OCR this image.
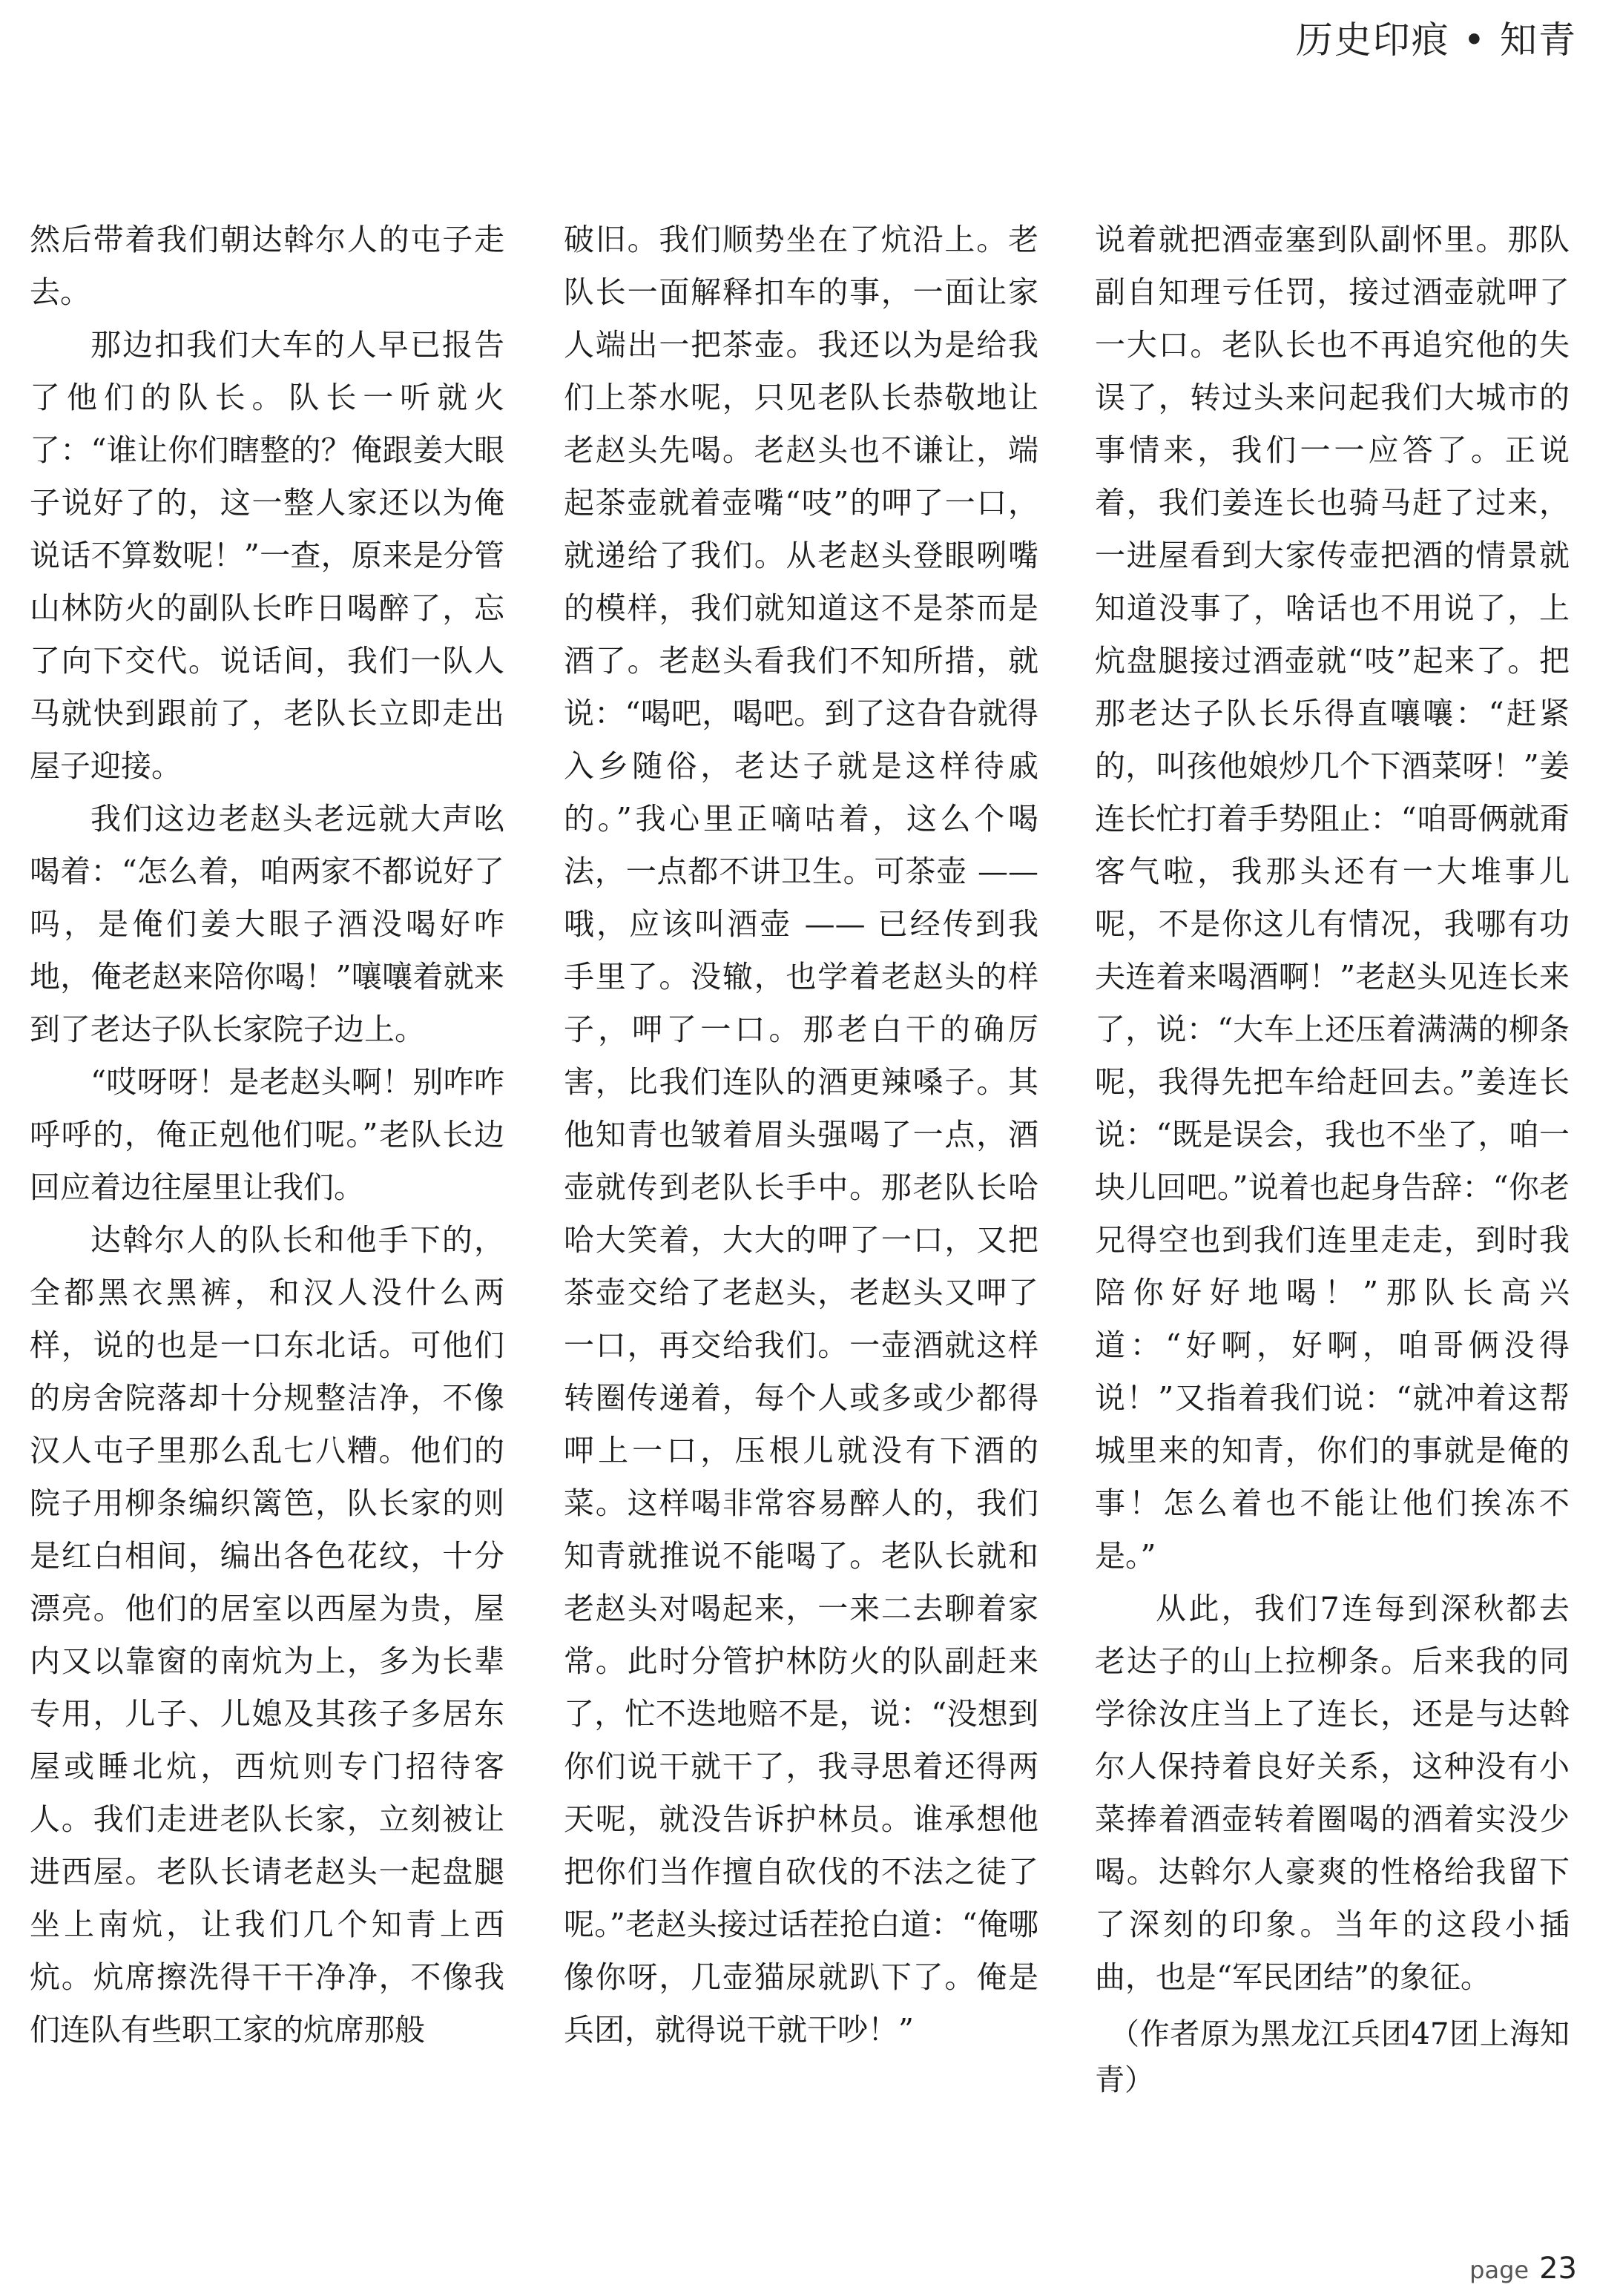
历史印痕 • 知青

然后带着我们朝达斡尔人的屯子走去。

那边扣我们大车的人早已报告了他们的队长。队长一听就火了：“谁让你们瞎整的？俺跟姜大眼子说好了的，这一整人家还以为俺说话不算数呢！”一查，原来是分管山林防火的副队长昨日喝醉了，忘了向下交代。说话间，我们一队人马就快到跟前了，老队长立即走出屋子迎接。

我们这边老赵头老远就大声吆喝着：“怎么着，咱两家不都说好了吗，是俺们姜大眼子酒没喝好咋地，俺老赵来陪你喝！”嚷嚷着就来到了老达子队长家院子边上。

“哎呀呀！是老赵头啊！别咋咋呼呼的，俺正剋他们呢。”老队长边回应着边往屋里让我们。

达斡尔人的队长和他手下的，全都黑衣黑裤，和汉人没什么两样，说的也是一口东北话。可他们的房舍院落却十分规整洁净，不像汉人屯子里那么乱七八糟。他们的院子用柳条编织篱笆，队长家的则是红白相间，编出各色花纹，十分漂亮。他们的居室以西屋为贵，屋内又以靠窗的南炕为上，多为长辈专用，儿子、儿媳及其孩子多居东屋或睡北炕，西炕则专门招待客人。我们走进老队长家，立刻被让进西屋。老队长请老赵头一起盘腿坐上南炕，让我们几个知青上西炕。炕席擦洗得干干净净，不像我们连队有些职工家的炕席那般

破旧。我们顺势坐在了炕沿上。老队长一面解释扣车的事，一面让家人端出一把茶壶。我还以为是给我们上茶水呢，只见老队长恭敬地让老赵头先喝。老赵头也不谦让，端起茶壶就着壶嘴“吱”的呷了一口，就递给了我们。从老赵头登眼咧嘴的模样，我们就知道这不是茶而是酒了。老赵头看我们不知所措，就说：“喝吧，喝吧。到了这旮旮就得入乡随俗，老达子就是这样待戚的。”我心里正嘀咕着，这么个喝法，一点都不讲卫生。可茶壶 —— 哦，应该叫酒壶 —— 已经传到我手里了。没辙，也学着老赵头的样子，呷了一口。那老白干的确厉害，比我们连队的酒更辣嗓子。其他知青也皱着眉头强喝了一点，酒壶就传到老队长手中。那老队长哈哈大笑着，大大的呷了一口，又把茶壶交给了老赵头，老赵头又呷了一口，再交给我们。一壶酒就这样转圈传递着，每个人或多或少都得呷上一口，压根儿就没有下酒的菜。这样喝非常容易醉人的，我们知青就推说不能喝了。老队长就和老赵头对喝起来，一来二去聊着家常。此时分管护林防火的队副赶来了，忙不迭地赔不是，说：“没想到你们说干就干了，我寻思着还得两天呢，就没告诉护林员。谁承想他把你们当作擅自砍伐的不法之徒了呢。”老赵头接过话茬抢白道：“俺哪像你呀，几壶猫尿就趴下了。俺是兵团，就得说干就干吵！”

说着就把酒壶塞到队副怀里。那队副自知理亏任罚，接过酒壶就呷了一大口。老队长也不再追究他的失误了，转过头来问起我们大城市的事情来，我们一一应答了。正说着，我们姜连长也骑马赶了过来，一进屋看到大家传壶把酒的情景就知道没事了，啥话也不用说了，上炕盘腿接过酒壶就“吱”起来了。把那老达子队长乐得直嚷嚷：“赶紧的，叫孩他娘炒几个下酒菜呀！”姜连长忙打着手势阻止：“咱哥俩就甭客气啦，我那头还有一大堆事儿呢，不是你这儿有情况，我哪有功夫连着来喝酒啊！”老赵头见连长来了，说：“大车上还压着满满的柳条呢，我得先把车给赶回去。”姜连长说：“既是误会，我也不坐了，咱一块儿回吧。”说着也起身告辞：“你老兄得空也到我们连里走走，到时我陪你好好地喝！”那队长高兴道：“好啊，好啊，咱哥俩没得说！”又指着我们说：“就冲着这帮城里来的知青，你们的事就是俺的事！怎么着也不能让他们挨冻不是。”

从此，我们7连每到深秋都去老达子的山上拉柳条。后来我的同学徐汝庄当上了连长，还是与达斡尔人保持着良好关系，这种没有小菜捧着酒壶转着圈喝的酒着实没少喝。达斡尔人豪爽的性格给我留下了深刻的印象。当年的这段小插曲，也是“军民团结”的象征。

（作者原为黑龙江兵团47团上海知青）

page 23
